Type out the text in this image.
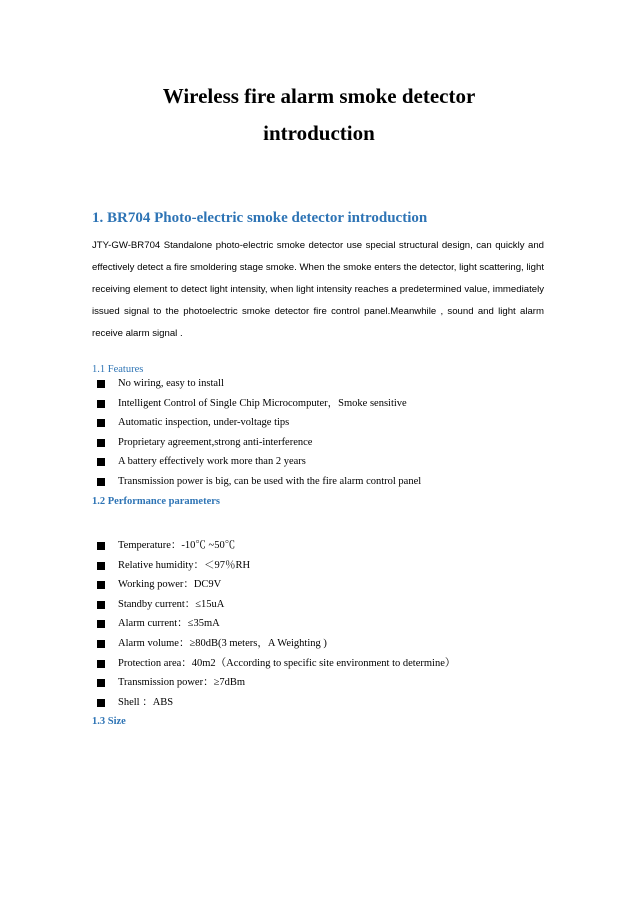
Wireless fire alarm smoke detector
introduction
1. BR704 Photo-electric smoke detector introduction
JTY-GW-BR704 Standalone photo-electric smoke detector use special structural design, can quickly and effectively detect a fire smoldering stage smoke. When the smoke enters the detector, light scattering, light receiving element to detect light intensity, when light intensity reaches a predetermined value, immediately issued signal to the photoelectric smoke detector fire control panel.Meanwhile , sound and light alarm receive alarm signal .
1.1 Features
No wiring, easy to install
Intelligent Control of Single Chip Microcomputer，Smoke sensitive
Automatic inspection, under-voltage tips
Proprietary agreement,strong anti-interference
A battery effectively work more than 2 years
Transmission power is big, can be used with the fire alarm control panel
1.2 Performance parameters
Temperature：-10℃ ~50℃
Relative humidity：＜97％RH
Working power：DC9V
Standby current：≤15uA
Alarm current：≤35mA
Alarm volume：≥80dB(3 meters，A Weighting )
Protection area：40m2（According to specific site environment to determine）
Transmission power：≥7dBm
Shell ：ABS
1.3 Size
